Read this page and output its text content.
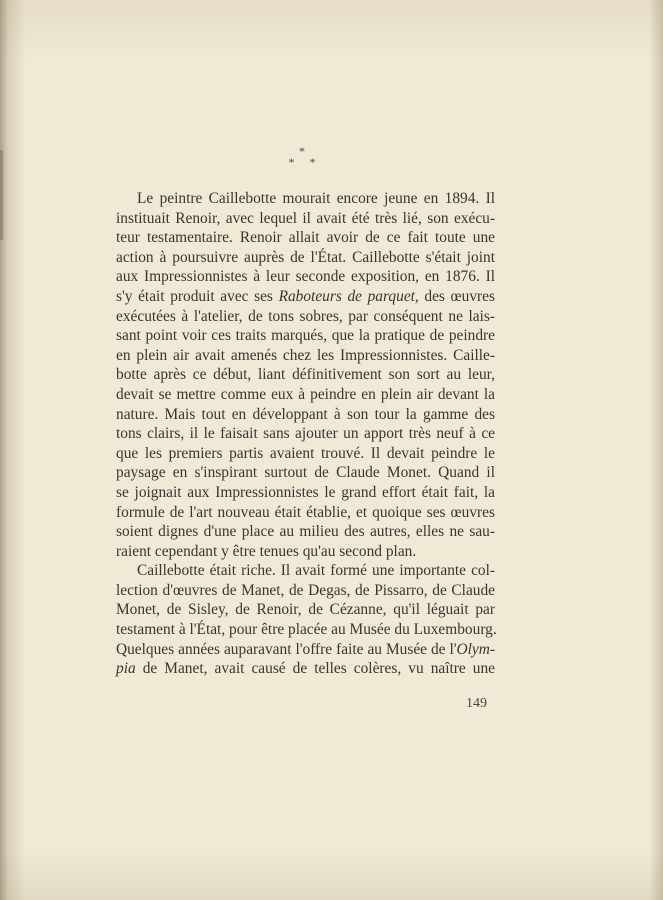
*
* *
Le peintre Caillebotte mourait encore jeune en 1894. Il
instituait Renoir, avec lequel il avait été très lié, son exécu-
teur testamentaire. Renoir allait avoir de ce fait toute une
action à poursuivre auprès de l'État. Caillebotte s'était joint
aux Impressionnistes à leur seconde exposition, en 1876. Il
s'y était produit avec ses Raboteurs de parquet, des œuvres
exécutées à l'atelier, de tons sobres, par conséquent ne lais-
sant point voir ces traits marqués, que la pratique de peindre
en plein air avait amenés chez les Impressionnistes. Caille-
botte après ce début, liant définitivement son sort au leur,
devait se mettre comme eux à peindre en plein air devant la
nature. Mais tout en développant à son tour la gamme des
tons clairs, il le faisait sans ajouter un apport très neuf à ce
que les premiers partis avaient trouvé. Il devait peindre le
paysage en s'inspirant surtout de Claude Monet. Quand il
se joignait aux Impressionnistes le grand effort était fait, la
formule de l'art nouveau était établie, et quoique ses œuvres
soient dignes d'une place au milieu des autres, elles ne sau-
raient cependant y être tenues qu'au second plan.
Caillebotte était riche. Il avait formé une importante col-
lection d'œuvres de Manet, de Degas, de Pissarro, de Claude
Monet, de Sisley, de Renoir, de Cézanne, qu'il léguait par
testament à l'État, pour être placée au Musée du Luxembourg.
Quelques années auparavant l'offre faite au Musée de l'Olym-
pia de Manet, avait causé de telles colères, vu naître une
149
